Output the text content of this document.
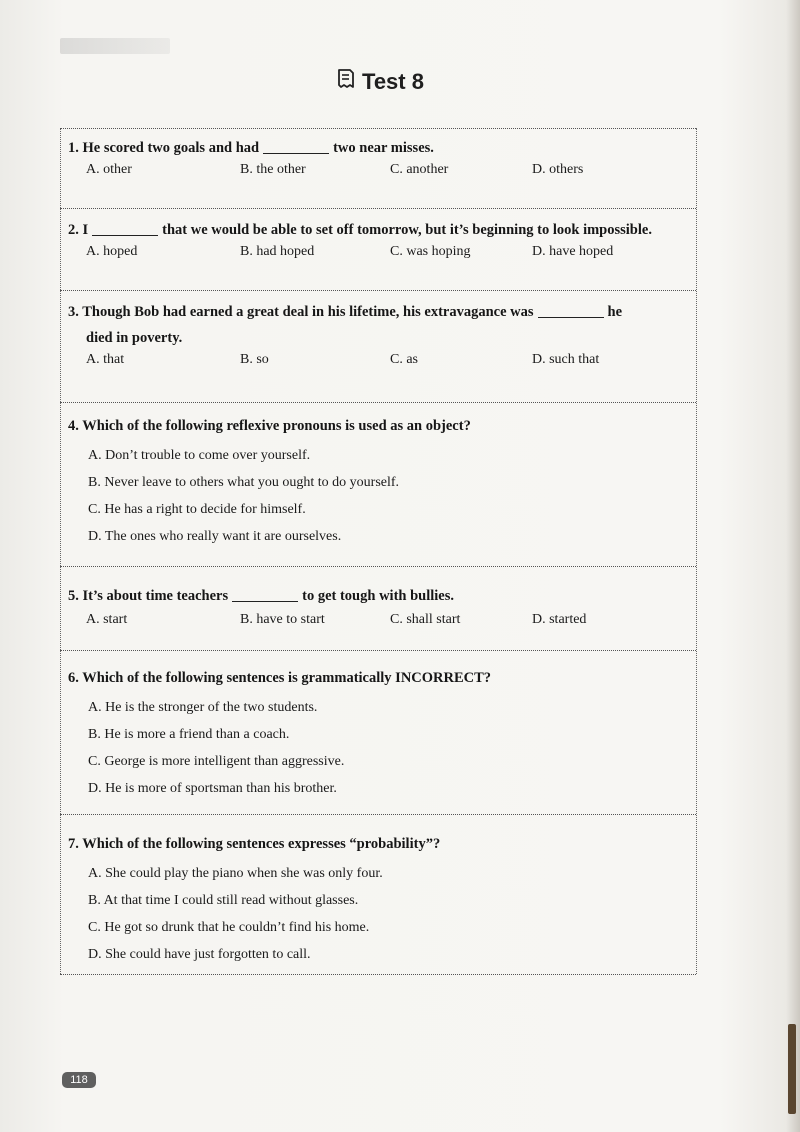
Test 8
1. He scored two goals and had	two near misses.
A. other	B. the other	C. another	D. others
2. I	that we would be able to set off tomorrow, but it’s beginning to look impossible.
A. hoped	B. had hoped	C. was hoping	D. have hoped
3. Though Bob had earned a great deal in his lifetime, his extravagance was	he
died in poverty.
A. that	B. so	C. as	D. such that
4. Which of the following reflexive pronouns is used as an object?
A. Don’t trouble to come over yourself.
B. Never leave to others what you ought to do yourself.
C. He has a right to decide for himself.
D. The ones who really want it are ourselves.
5. It’s about time teachers	to get tough with bullies.
A. start	B. have to start	C. shall start	D. started
6. Which of the following sentences is grammatically INCORRECT?
A. He is the stronger of the two students.
B. He is more a friend than a coach.
C. George is more intelligent than aggressive.
D. He is more of sportsman than his brother.
7. Which of the following sentences expresses “probability”?
A. She could play the piano when she was only four.
B. At that time I could still read without glasses.
C. He got so drunk that he couldn’t find his home.
D. She could have just forgotten to call.
118
